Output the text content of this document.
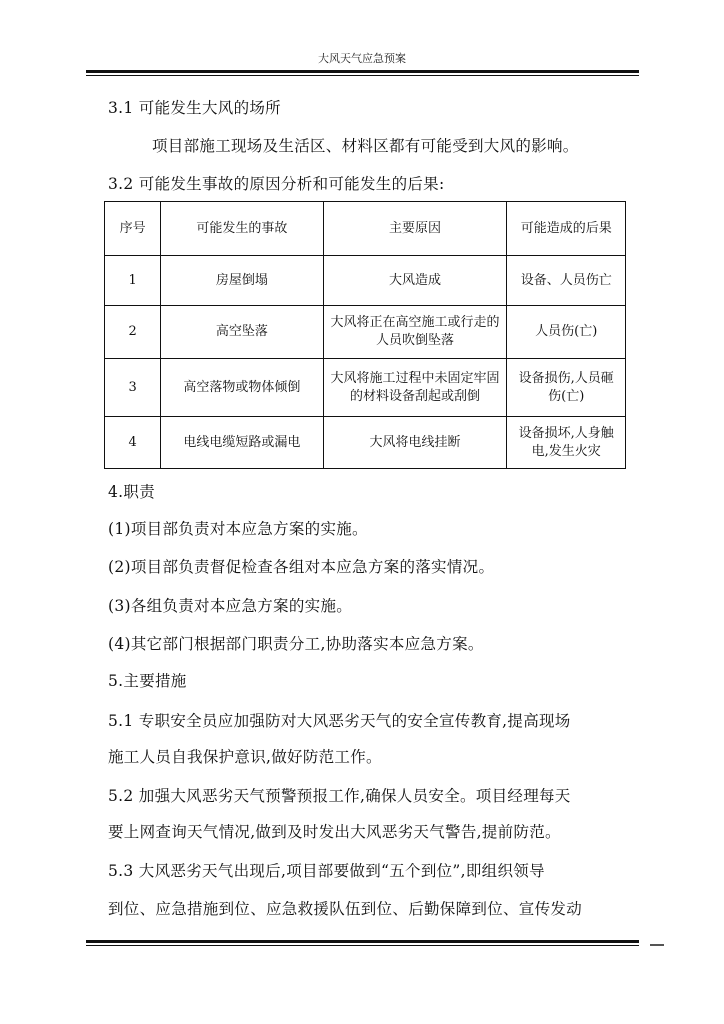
大风天气应急预案
3.1 可能发生大风的场所
项目部施工现场及生活区、材料区都有可能受到大风的影响。
3.2 可能发生事故的原因分析和可能发生的后果:
序号	可能发生的事故	主要原因	可能造成的后果
1	房屋倒塌	大风造成	设备、人员伤亡
2	高空坠落	大风将正在高空施工或行走的人员吹倒坠落	人员伤(亡)
3	高空落物或物体倾倒	大风将施工过程中未固定牢固的材料设备刮起或刮倒	设备损伤,人员砸伤(亡)
4	电线电缆短路或漏电	大风将电线挂断	设备损坏,人身触电,发生火灾
4.职责
(1)项目部负责对本应急方案的实施。
(2)项目部负责督促检查各组对本应急方案的落实情况。
(3)各组负责对本应急方案的实施。
(4)其它部门根据部门职责分工,协助落实本应急方案。
5.主要措施
5.1 专职安全员应加强防对大风恶劣天气的安全宣传教育,提高现场
施工人员自我保护意识,做好防范工作。
5.2 加强大风恶劣天气预警预报工作,确保人员安全。项目经理每天
要上网查询天气情况,做到及时发出大风恶劣天气警告,提前防范。
5.3 大风恶劣天气出现后,项目部要做到“五个到位”,即组织领导
到位、应急措施到位、应急救援队伍到位、后勤保障到位、宣传发动
